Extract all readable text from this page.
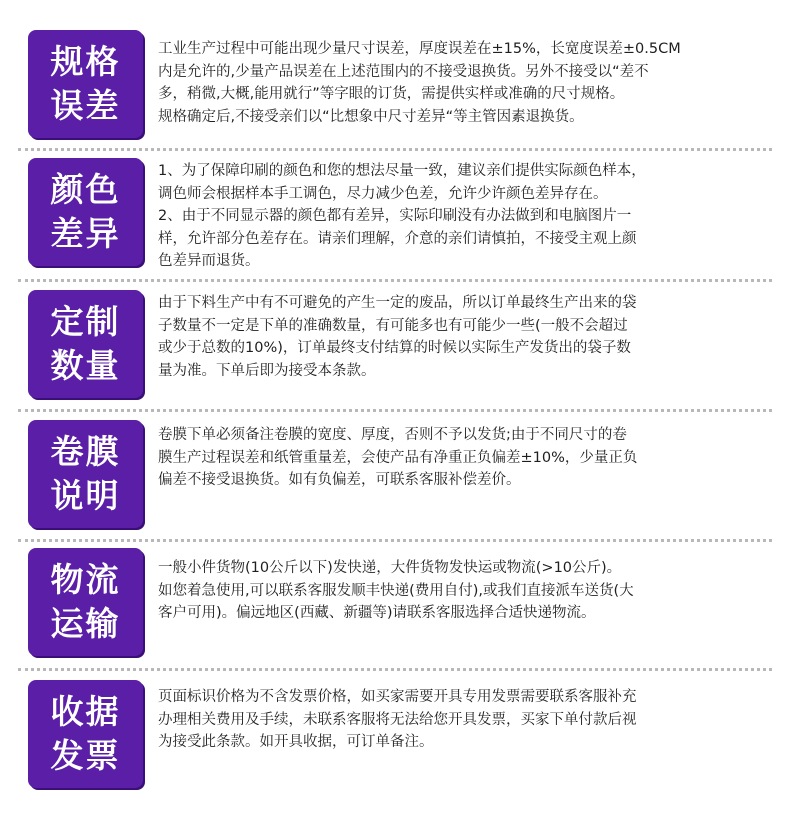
规格
误差
工业生产过程中可能出现少量尺寸误差，厚度误差在±15%，长宽度误差±0.5CM
内是允许的,少量产品误差在上述范围内的不接受退换货。另外不接受以“差不
多，稍微,大概,能用就行”等字眼的订货，需提供实样或准确的尺寸规格。
规格确定后,不接受亲们以“比想象中尺寸差异“等主管因素退换货。
颜色
差异
1、为了保障印刷的颜色和您的想法尽量一致，建议亲们提供实际颜色样本，
调色师会根据样本手工调色，尽力减少色差，允许少许颜色差异存在。
2、由于不同显示器的颜色都有差异，实际印刷没有办法做到和电脑图片一
样，允许部分色差存在。请亲们理解，介意的亲们请慎拍，不接受主观上颜
色差异而退货。
定制
数量
由于下料生产中有不可避免的产生一定的废品，所以订单最终生产出来的袋
子数量不一定是下单的准确数量，有可能多也有可能少一些(一般不会超过
或少于总数的10%)，订单最终支付结算的时候以实际生产发货出的袋子数
量为准。下单后即为接受本条款。
卷膜
说明
卷膜下单必须备注卷膜的宽度、厚度，否则不予以发货;由于不同尺寸的卷
膜生产过程误差和纸管重量差，会使产品有净重正负偏差±10%，少量正负
偏差不接受退换货。如有负偏差，可联系客服补偿差价。
物流
运输
一般小件货物(10公斤以下)发快递，大件货物发快运或物流(>10公斤)。
如您着急使用,可以联系客服发顺丰快递(费用自付),或我们直接派车送货(大
客户可用)。偏远地区(西藏、新疆等)请联系客服选择合适快递物流。
收据
发票
页面标识价格为不含发票价格，如买家需要开具专用发票需要联系客服补充
办理相关费用及手续，未联系客服将无法给您开具发票，买家下单付款后视
为接受此条款。如开具收据，可订单备注。
